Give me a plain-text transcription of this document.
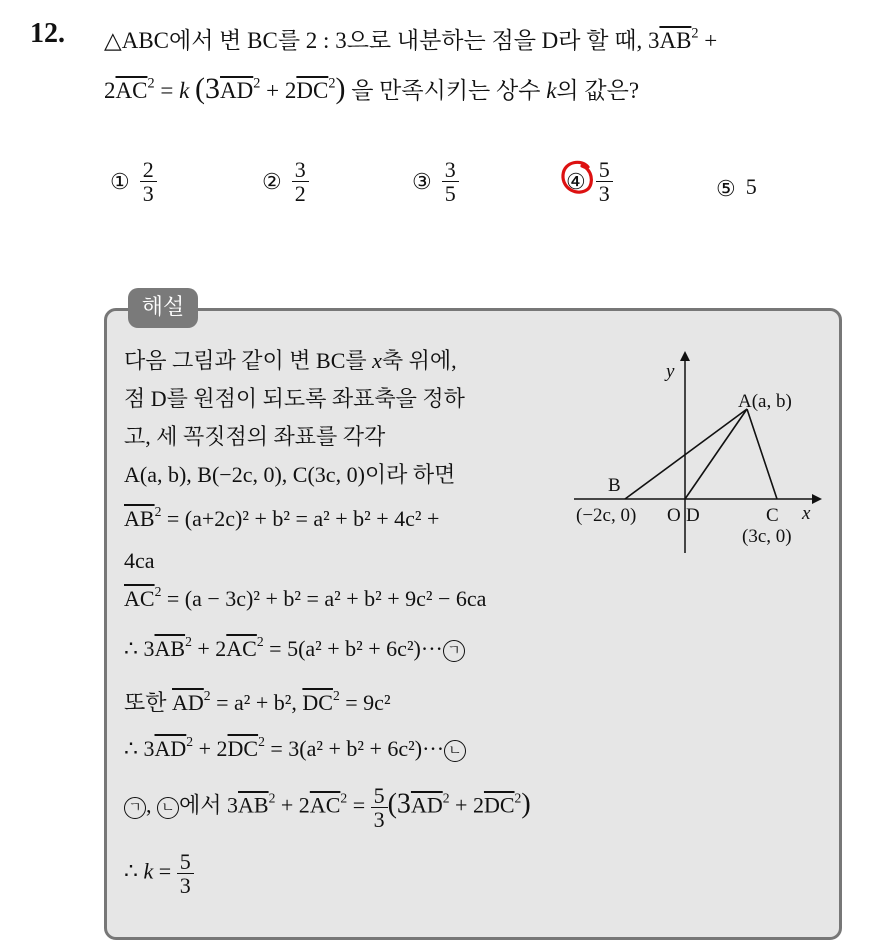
12. △ABC에서 변 BC를 2 : 3으로 내분하는 점을 D라 할 때, $3\overline{AB}^2$ +
$2\overline{AC}^2 = k$ $(3\overline{AD}^2 + 2\overline{DC}^2)$ 을 만족시키는 상수 k의 값은?
① $\frac{2}{3}$	② $\frac{3}{2}$	③ $\frac{3}{5}$	④ $\frac{5}{3}$	⑤ 5
해설
다음 그림과 같이 변 BC를 x축 위에,
점 D를 원점이 되도록 좌표축을 정하
고, 세 꼭짓점의 좌표를 각각
A(a, b), B(−2c, 0), C(3c, 0)이라 하면
$\overline{AB}^2 = (a+2c)^2 + b^2 = a^2 + b^2 + 4c^2$ +
4ca
$\overline{AC}^2 = (a - 3c)^2 + b^2 = a^2 + b^2 + 9c^2 - 6ca$
∴ $3\overline{AB}^2 + 2\overline{AC}^2 = 5(a^2 + b^2 + 6c^2)\cdot\cdot\cdot$ ㄱ
또한 $\overline{AD}^2 = a^2 + b^2$, $\overline{DC}^2 = 9c^2$
∴ $3\overline{AD}^2 + 2\overline{DC}^2 = 3(a^2 + b^2 + 6c^2)\cdot\cdot\cdot$ ㄴ
ㄱ , ㄴ 에서 $3\overline{AB}^2 + 2\overline{AC}^2 = \frac{5}{3} (3\overline{AD}^2 + 2\overline{DC}^2)$
∴ $k = \frac{5}{3}$
y
x
A(a, b)
B
(−2c, 0) O D	C
(3c, 0)
